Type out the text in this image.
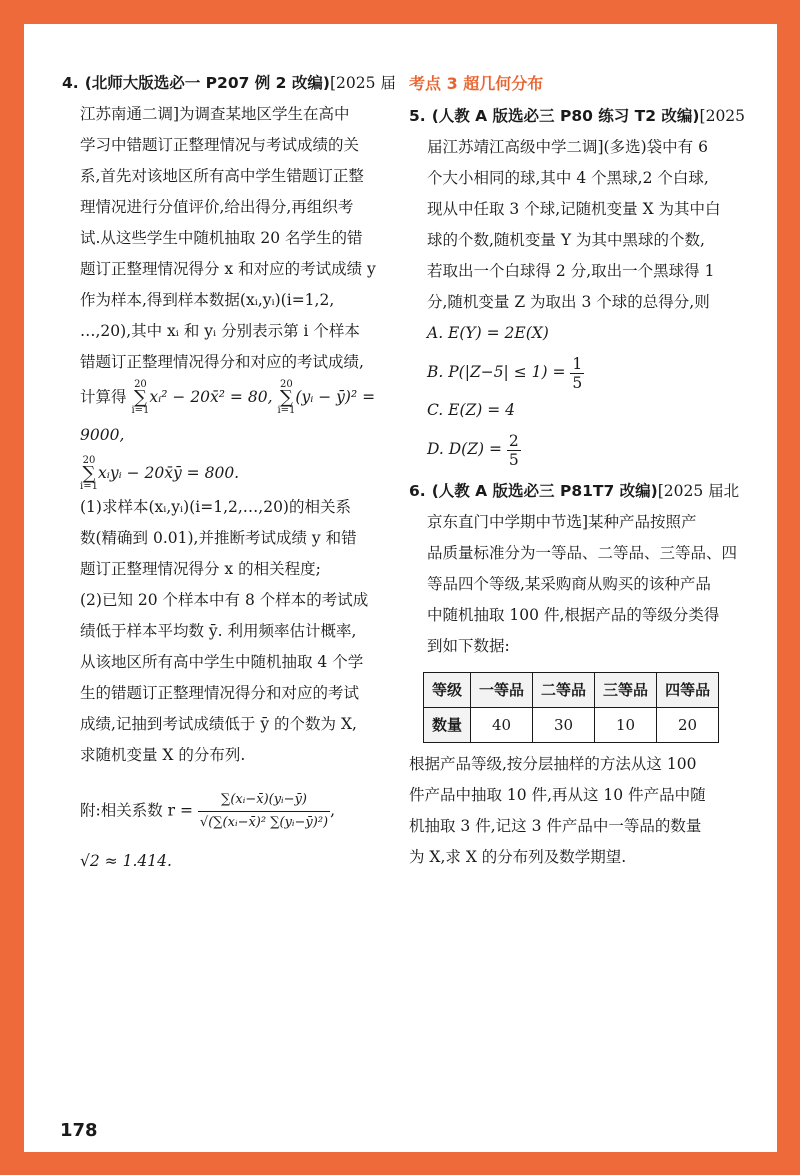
4. (北师大版选必一 P207 例 2 改编)[2025 届

江苏南通二调]为调查某地区学生在高中

学习中错题订正整理情况与考试成绩的关

系,首先对该地区所有高中学生错题订正整

理情况进行分值评价,给出得分,再组织考

试.从这些学生中随机抽取 20 名学生的错

题订正整理情况得分 x 和对应的考试成绩 y

作为样本,得到样本数据(xᵢ,yᵢ)(i=1,2,

…,20),其中 xᵢ 和 yᵢ 分别表示第 i 个样本

错题订正整理情况得分和对应的考试成绩,

计算得 20
∑
i=1xᵢ² − 20x̄² = 80, 20
∑
i=1(yᵢ − ȳ)² = 9000,

20
∑
i=1xᵢyᵢ − 20x̄ȳ = 800.

(1)求样本(xᵢ,yᵢ)(i=1,2,…,20)的相关系

数(精确到 0.01),并推断考试成绩 y 和错

题订正整理情况得分 x 的相关程度;

(2)已知 20 个样本中有 8 个样本的考试成

绩低于样本平均数 ȳ. 利用频率估计概率,

从该地区所有高中学生中随机抽取 4 个学

生的错题订正整理情况得分和对应的考试

成绩,记抽到考试成绩低于 ȳ 的个数为 X,

求随机变量 X 的分布列.

附:相关系数 $r = \frac{\text{∑(xᵢ−x̄)(yᵢ−ȳ)}}{\text{√(∑(xᵢ−x̄)² ∑(yᵢ−ȳ)²)}}$ ,

√2 ≈ 1.414.

考点 3 超几何分布

5. (人教 A 版选必三 P80 练习 T2 改编)[2025

届江苏靖江高级中学二调](多选)袋中有 6

个大小相同的球,其中 4 个黑球,2 个白球,

现从中任取 3 个球,记随机变量 X 为其中白

球的个数,随机变量 Y 为其中黑球的个数,

若取出一个白球得 2 分,取出一个黑球得 1

分,随机变量 Z 为取出 3 个球的总得分,则

A. E(Y) = 2E(X)

B. $P(|Z-5| \le 1) = \frac{1}{5}$

C. E(Z) = 4

D. $D(Z) = \frac{2}{5}$

6. (人教 A 版选必三 P81T7 改编)[2025 届北

京东直门中学期中节选]某种产品按照产

品质量标准分为一等品、二等品、三等品、四

等品四个等级,某采购商从购买的该种产品

中随机抽取 100 件,根据产品的等级分类得

到如下数据:

等级	一等品	二等品	三等品	四等品
数量	40	30	10	20

根据产品等级,按分层抽样的方法从这 100

件产品中抽取 10 件,再从这 10 件产品中随

机抽取 3 件,记这 3 件产品中一等品的数量

为 X,求 X 的分布列及数学期望.

178
